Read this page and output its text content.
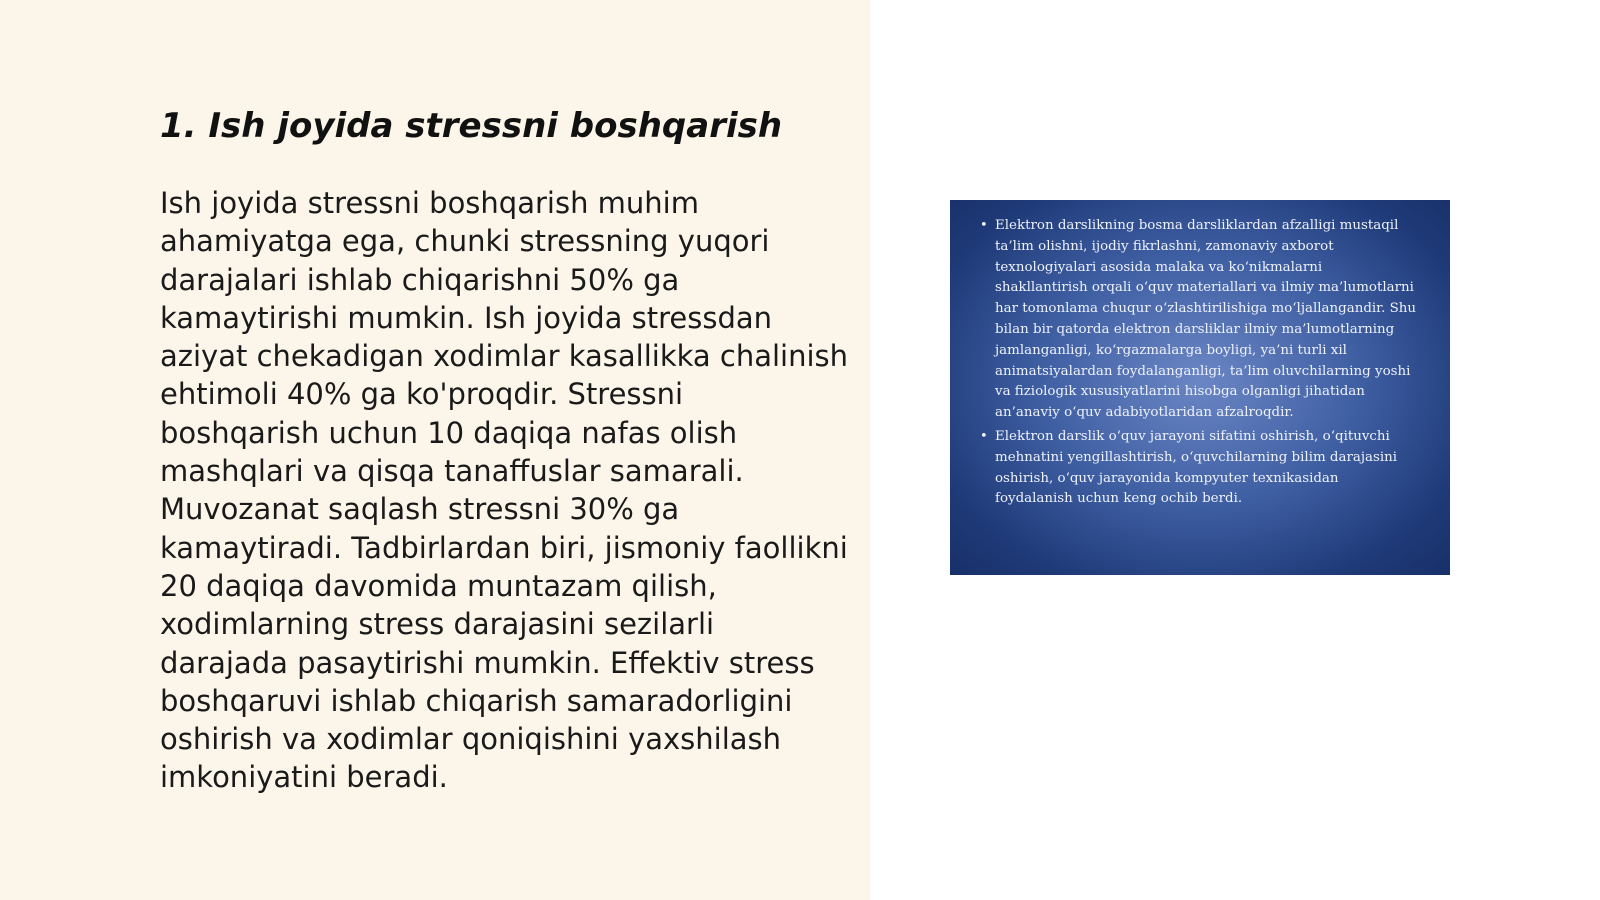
1. Ish joyida stressni boshqarish

Ish joyida stressni boshqarish muhim ahamiyatga ega, chunki stressning yuqori darajalari ishlab chiqarishni 50% ga kamaytirishi mumkin. Ish joyida stressdan aziyat chekadigan xodimlar kasallikka chalinish ehtimoli 40% ga ko'proqdir. Stressni boshqarish uchun 10 daqiqa nafas olish mashqlari va qisqa tanaffuslar samarali. Muvozanat saqlash stressni 30% ga kamaytiradi. Tadbirlardan biri, jismoniy faollikni 20 daqiqa davomida muntazam qilish, xodimlarning stress darajasini sezilarli darajada pasaytirishi mumkin. Effektiv stress boshqaruvi ishlab chiqarish samaradorligini oshirish va xodimlar qoniqishini yaxshilash imkoniyatini beradi.

• Elektron darslikning bosma darsliklardan afzalligi mustaqil ta’lim olishni, ijodiy fikrlashni, zamonaviy axborot texnologiyalari asosida malaka va ko‘nikmalarni shakllantirish orqali o‘quv materiallari va ilmiy ma’lumotlarni har tomonlama chuqur o‘zlashtirilishiga mo‘ljallangandir. Shu bilan bir qatorda elektron darsliklar ilmiy ma’lumotlarning jamlanganligi, ko‘rgazmalarga boyligi, ya’ni turli xil animatsiyalardan foydalanganligi, ta’lim oluvchilarning yoshi va fiziologik xususiyatlarini hisobga olganligi jihatidan an’anaviy o‘quv adabiyotlaridan afzalroqdir.
• Elektron darslik o‘quv jarayoni sifatini oshirish, o‘qituvchi mehnatini yengillashtirish, o‘quvchilarning bilim darajasini oshirish, o‘quv jarayonida kompyuter texnikasidan foydalanish uchun keng ochib berdi.
